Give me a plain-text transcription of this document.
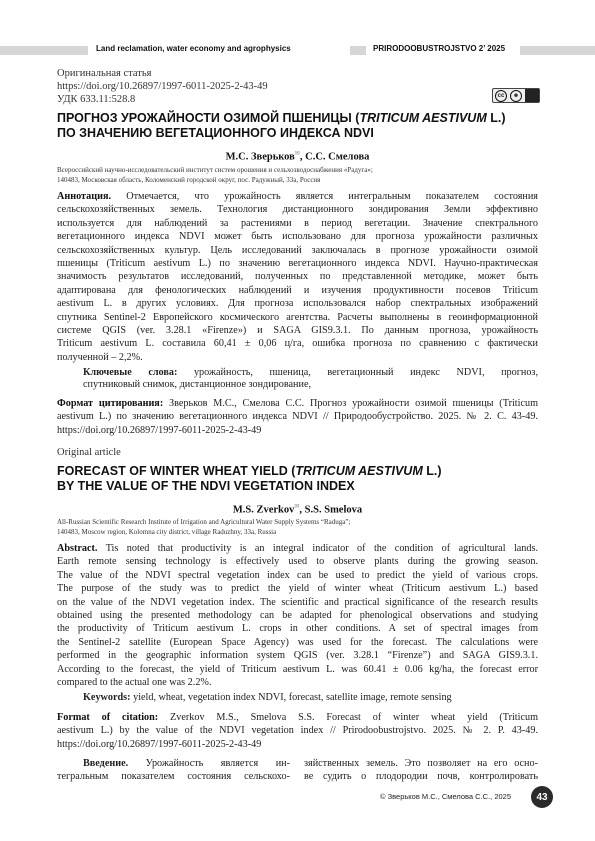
Land reclamation, water economy and agrophysics	PRIRODOOBUSTROJSTVO 2’ 2025
Оригинальная статья
https://doi.org/10.26897/1997-6011-2025-2-43-49
УДК 633.11:528.8	cc	☻
ПРОГНОЗ УРОЖАЙНОСТИ ОЗИМОЙ ПШЕНИЦЫ (TRITICUM AESTIVUM L.)
ПО ЗНАЧЕНИЮ ВЕГЕТАЦИОННОГО ИНДЕКСА NDVI
М.С. Зверьков✉, С.С. Смелова
Всероссийский научно-исследовательский институт систем орошения и сельхозводоснабжения «Радуга»;
140483, Московская область, Коломенский городской округ, пос. Радужный, 33а, Россия
Аннотация. Отмечается, что урожайность является интегральным показателем состояния
сельскохозяйственных земель. Технология дистанционного зондирования Земли эффективно
используется для наблюдений за растениями в период вегетации. Значение спектрального
вегетационного индекса NDVI может быть использовано для прогноза урожайности различных
сельскохозяйственных культур. Цель исследований заключалась в прогнозе урожайности озимой
пшеницы (Triticum aestivum L.) по значению вегетационного индекса NDVI. Научно-практическая
значимость результатов исследований, полученных по представленной методике, может быть
адаптирована для фенологических наблюдений и изучения продуктивности посевов Triticum
aestivum L. в других условиях. Для прогноза использовался набор спектральных изображений
спутника Sentinel-2 Европейского космического агентства. Расчеты выполнены в геоинформационной
системе QGIS (ver. 3.28.1 «Firenze») и SAGA GIS9.3.1. По данным прогноза, урожайность
Triticum aestivum L. составила 60,41 ± 0,06 ц/га, ошибка прогноза по сравнению с фактически
полученной – 2,2%.
Ключевые слова: урожайность, пшеница, вегетационный индекс NDVI, прогноз,
спутниковый снимок, дистанционное зондирование,
Формат цитирования: Зверьков М.С., Смелова С.С. Прогноз урожайности озимой пшеницы (Triticum
aestivum L.) по значению вегетационного индекса NDVI // Природообустройство. 2025. № 2. С. 43-49.
https://doi.org/10.26897/1997-6011-2025-2-43-49
Original article
FORECAST OF WINTER WHEAT YIELD (TRITICUM AESTIVUM L.)
BY THE VALUE OF THE NDVI VEGETATION INDEX
M.S. Zverkov✉, S.S. Smelova
All-Russian Scientific Research Institute of Irrigation and Agricultural Water Supply Systems “Raduga”;
140483, Moscow region, Kolomna city district, village Raduzhny, 33a, Russia
Abstract. Tis noted that productivity is an integral indicator of the condition of agricultural lands.
Earth remote sensing technology is effectively used to observe plants during the growing season.
The value of the NDVI spectral vegetation index can be used to predict the yield of various crops.
The purpose of the study was to predict the yield of winter wheat (Triticum aestivum L.) based
on the value of the NDVI vegetation index. The scientific and practical significance of the research results
obtained using the presented methodology can be adapted for phenological observations and studying
the productivity of Triticum aestivum L. crops in other conditions. A set of spectral images from
the Sentinel-2 satellite (European Space Agency) was used for the forecast. The calculations were
performed in the geographic information system QGIS (ver. 3.28.1 “Firenze”) and SAGA GIS9.3.1.
According to the forecast, the yield of Triticum aestivum L. was 60.41 ± 0.06 kg/ha, the forecast error
compared to the actual one was 2.2%.
Keywords: yield, wheat, vegetation index NDVI, forecast, satellite image, remote sensing
Format of citation: Zverkov M.S., Smelova S.S. Forecast of winter wheat yield (Triticum
aestivum L.) by the value of the NDVI vegetation index // Prirodoobustrojstvo. 2025. № 2. P. 43-49.
https://doi.org/10.26897/1997-6011-2025-2-43-49
Введение. Урожайность является ин-
тегральным показателем состояния сельскохо-
зяйственных земель. Это позволяет на его осно-
ве судить о плодородии почв, контролировать
© Зверьков М.С., Смелова С.С., 2025	43
